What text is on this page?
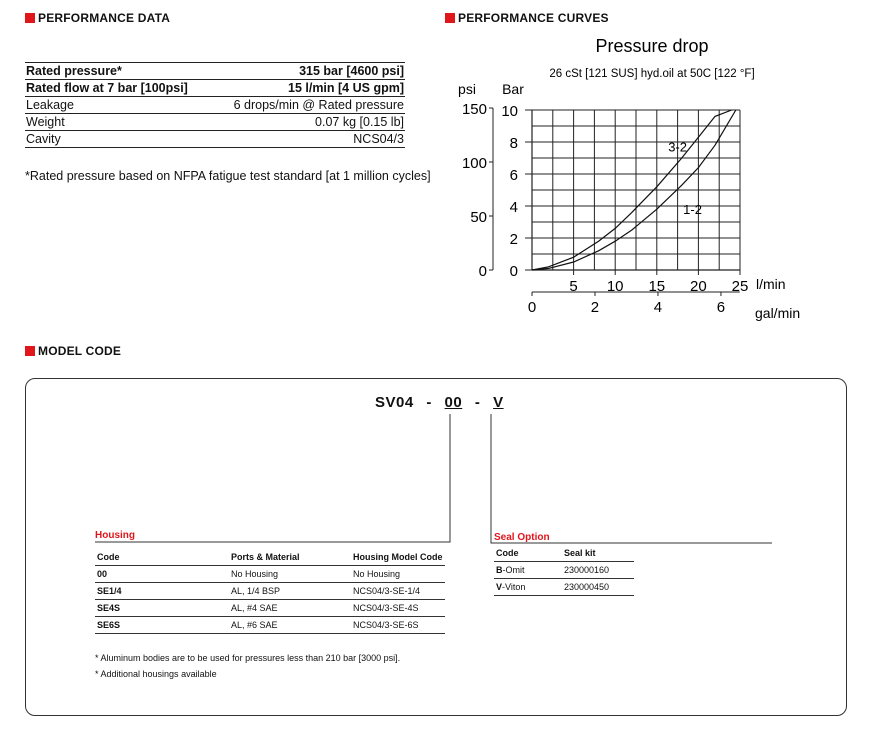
PERFORMANCE DATA
Rated pressure*	315 bar [4600 psi]
Rated flow at 7 bar [100psi]	15 l/min [4 US gpm]
Leakage	6 drops/min @ Rated pressure
Weight	0.07 kg [0.15 lb]
Cavity	NCS04/3
*Rated pressure based on NFPA fatigue test standard [at 1 million cycles]
PERFORMANCE CURVES
Pressure drop
26 cSt [121 SUS] hyd.oil at 50C [122 °F]
psi Bar
0
2
4
6
8
10
5 10 15 20 25
0
50
100
150
0	2	4	6
3-2
1-2
l/min
gal/min
MODEL CODE
SV04 - 00 - V
Housing
Code	Ports & Material	Housing Model Code
00	No Housing	No Housing
SE1/4	AL, 1/4 BSP	NCS04/3-SE-1/4
SE4S	AL, #4 SAE	NCS04/3-SE-4S
SE6S	AL, #6 SAE	NCS04/3-SE-6S
* Aluminum bodies are to be used for pressures less than 210 bar [3000 psi].
* Additional housings available
Seal Option
Code	Seal kit
B-Omit	230000160
V-Viton	230000450
